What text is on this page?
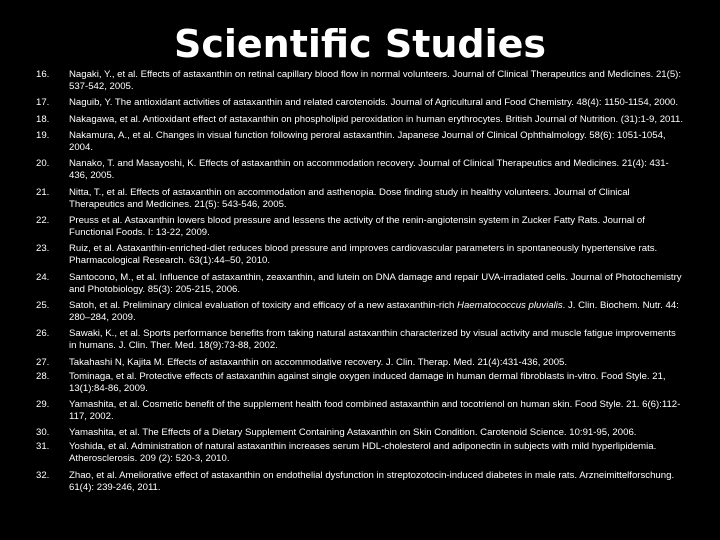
Scientific Studies
16.	Nagaki, Y., et al. Effects of astaxanthin on retinal capillary blood flow in normal volunteers. Journal of Clinical Therapeutics and Medicines. 21(5): 537-542, 2005.
17.	Naguib, Y. The antioxidant activities of astaxanthin and related carotenoids. Journal of Agricultural and Food Chemistry. 48(4): 1150-1154, 2000.
18.	Nakagawa, et al. Antioxidant effect of astaxanthin on phospholipid peroxidation in human erythrocytes. British Journal of Nutrition. (31):1-9, 2011.
19.	Nakamura, A., et al. Changes in visual function following peroral astaxanthin. Japanese Journal of Clinical Ophthalmology. 58(6): 1051-1054, 2004.
20.	Nanako, T. and Masayoshi, K. Effects of astaxanthin on accommodation recovery. Journal of Clinical Therapeutics and Medicines. 21(4): 431-436, 2005.
21.	Nitta, T., et al. Effects of astaxanthin on accommodation and asthenopia. Dose finding study in healthy volunteers. Journal of Clinical Therapeutics and Medicines. 21(5): 543-546, 2005.
22.	Preuss et al. Astaxanthin lowers blood pressure and lessens the activity of the renin-angiotensin system in Zucker Fatty Rats. Journal of Functional Foods. I: 13-22, 2009.
23.	Ruiz, et al. Astaxanthin-enriched-diet reduces blood pressure and improves cardiovascular parameters in spontaneously hypertensive rats. Pharmacological Research. 63(1):44–50, 2010.
24.	Santocono, M., et al. Influence of astaxanthin, zeaxanthin, and lutein on DNA damage and repair UVA-irradiated cells. Journal of Photochemistry and Photobiology. 85(3): 205-215, 2006.
25.	Satoh, et al. Preliminary clinical evaluation of toxicity and efficacy of a new astaxanthin-rich Haematococcus pluvialis. J. Clin. Biochem. Nutr. 44: 280–284, 2009.
26.	Sawaki, K., et al. Sports performance benefits from taking natural astaxanthin characterized by visual activity and muscle fatigue improvements in humans. J. Clin. Ther. Med. 18(9):73-88, 2002.
27.	Takahashi N, Kajita M. Effects of astaxanthin on accommodative recovery. J. Clin. Therap. Med. 21(4):431-436, 2005.
28.	Tominaga, et al. Protective effects of astaxanthin against single oxygen induced damage in human dermal fibroblasts in-vitro. Food Style. 21, 13(1):84-86, 2009.
29.	Yamashita, et al. Cosmetic benefit of the supplement health food combined astaxanthin and tocotrienol on human skin. Food Style. 21. 6(6):112-117, 2002.
30.	Yamashita, et al. The Effects of a Dietary Supplement Containing Astaxanthin on Skin Condition. Carotenoid Science. 10:91-95, 2006.
31.	Yoshida, et al. Administration of natural astaxanthin increases serum HDL-cholesterol and adiponectin in subjects with mild hyperlipidemia. Atherosclerosis. 209 (2): 520-3, 2010.
32.	Zhao, et al. Ameliorative effect of astaxanthin on endothelial dysfunction in streptozotocin-induced diabetes in male rats. Arzneimittelforschung. 61(4): 239-246, 2011.
